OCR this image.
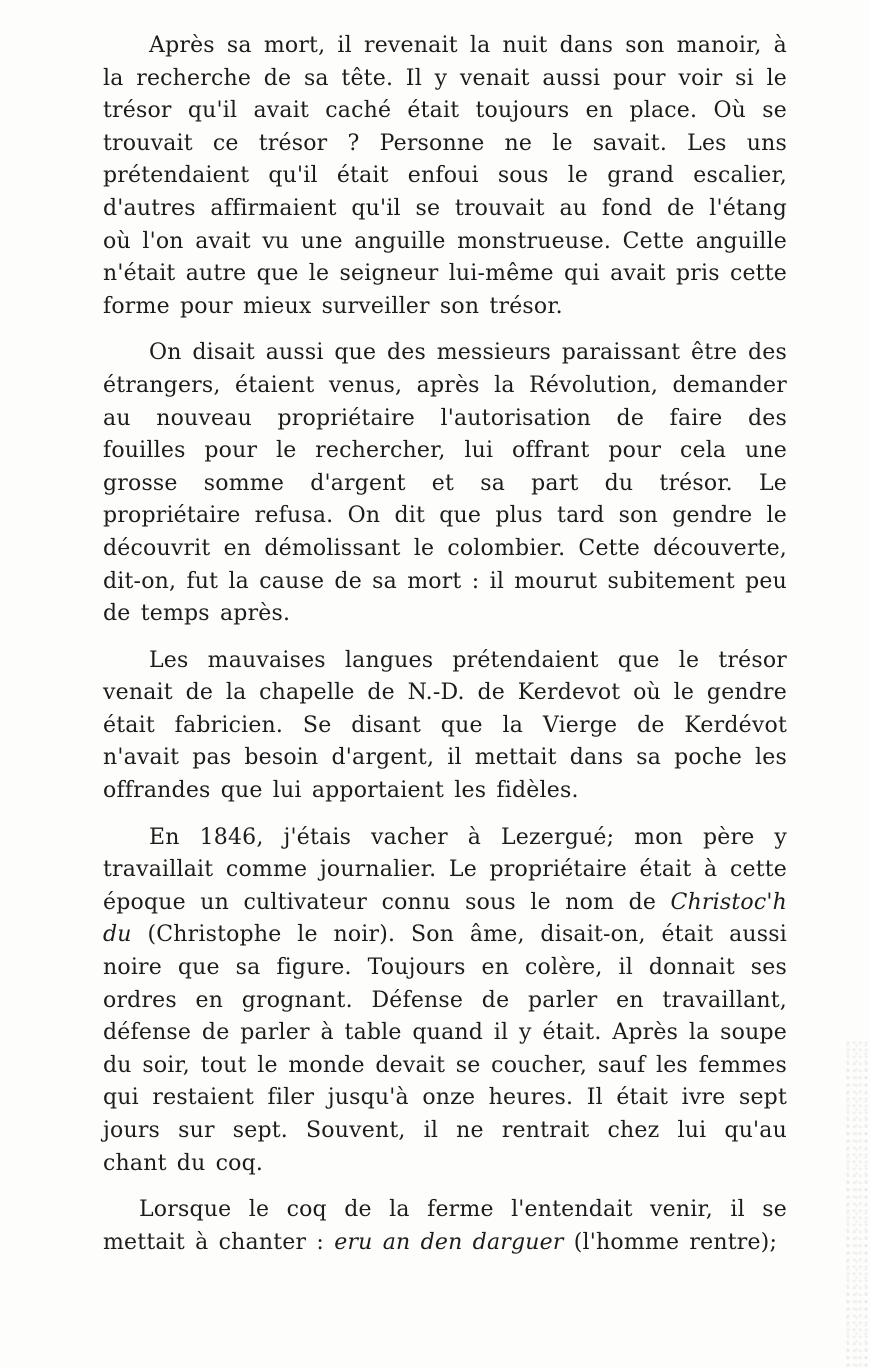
Après sa mort, il revenait la nuit dans son manoir, à la recherche de sa tête. Il y venait aussi pour voir si le trésor qu'il avait caché était toujours en place. Où se trouvait ce trésor ? Personne ne le savait. Les uns prétendaient qu'il était enfoui sous le grand escalier, d'autres affirmaient qu'il se trouvait au fond de l'étang où l'on avait vu une anguille monstrueuse. Cette anguille n'était autre que le seigneur lui-même qui avait pris cette forme pour mieux surveiller son trésor.

On disait aussi que des messieurs paraissant être des étrangers, étaient venus, après la Révolution, demander au nouveau propriétaire l'autorisation de faire des fouilles pour le rechercher, lui offrant pour cela une grosse somme d'argent et sa part du trésor. Le propriétaire refusa. On dit que plus tard son gendre le découvrit en démolissant le colombier. Cette découverte, dit-on, fut la cause de sa mort : il mourut subitement peu de temps après.

Les mauvaises langues prétendaient que le trésor venait de la chapelle de N.-D. de Kerdevot où le gendre était fabricien. Se disant que la Vierge de Kerdévot n'avait pas besoin d'argent, il mettait dans sa poche les offrandes que lui apportaient les fidèles.

En 1846, j'étais vacher à Lezergué; mon père y travaillait comme journalier. Le propriétaire était à cette époque un cultivateur connu sous le nom de Christoc'h du (Christophe le noir). Son âme, disait-on, était aussi noire que sa figure. Toujours en colère, il donnait ses ordres en grognant. Défense de parler en travaillant, défense de parler à table quand il y était. Après la soupe du soir, tout le monde devait se coucher, sauf les femmes qui restaient filer jusqu'à onze heures. Il était ivre sept jours sur sept. Souvent, il ne rentrait chez lui qu'au chant du coq.

Lorsque le coq de la ferme l'entendait venir, il se mettait à chanter : eru an den darguer (l'homme rentre);
